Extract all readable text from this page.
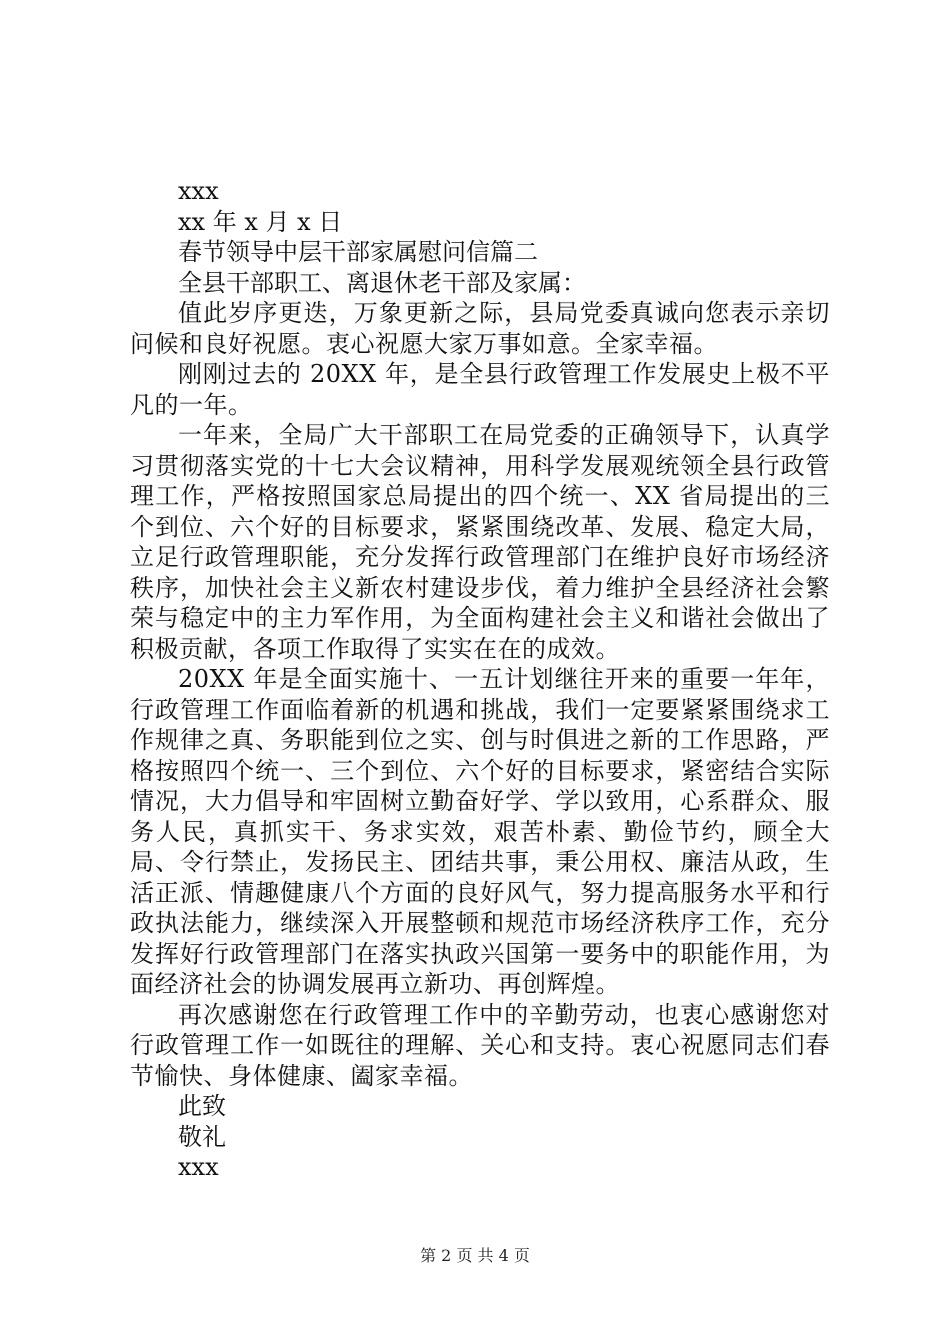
xxx
xx 年 x 月 x 日
春节领导中层干部家属慰问信篇二
全县干部职工、离退休老干部及家属：

值此岁序更迭，万象更新之际，县局党委真诚向您表示亲切问候和良好祝愿。衷心祝愿大家万事如意。全家幸福。

刚刚过去的 20XX 年，是全县行政管理工作发展史上极不平凡的一年。

一年来，全局广大干部职工在局党委的正确领导下，认真学习贯彻落实党的十七大会议精神，用科学发展观统领全县行政管理工作，严格按照国家总局提出的四个统一、XX 省局提出的三个到位、六个好的目标要求，紧紧围绕改革、发展、稳定大局，立足行政管理职能，充分发挥行政管理部门在维护良好市场经济秩序，加快社会主义新农村建设步伐，着力维护全县经济社会繁荣与稳定中的主力军作用，为全面构建社会主义和谐社会做出了积极贡献，各项工作取得了实实在在的成效。

20XX 年是全面实施十、一五计划继往开来的重要一年年，行政管理工作面临着新的机遇和挑战，我们一定要紧紧围绕求工作规律之真、务职能到位之实、创与时俱进之新的工作思路，严格按照四个统一、三个到位、六个好的目标要求，紧密结合实际情况，大力倡导和牢固树立勤奋好学、学以致用，心系群众、服务人民，真抓实干、务求实效，艰苦朴素、勤俭节约，顾全大局、令行禁止，发扬民主、团结共事，秉公用权、廉洁从政，生活正派、情趣健康八个方面的良好风气，努力提高服务水平和行政执法能力，继续深入开展整顿和规范市场经济秩序工作，充分发挥好行政管理部门在落实执政兴国第一要务中的职能作用，为面经济社会的协调发展再立新功、再创辉煌。

再次感谢您在行政管理工作中的辛勤劳动，也衷心感谢您对行政管理工作一如既往的理解、关心和支持。衷心祝愿同志们春节愉快、身体健康、阖家幸福。

此致
敬礼
xxx
第 2 页 共 4 页
